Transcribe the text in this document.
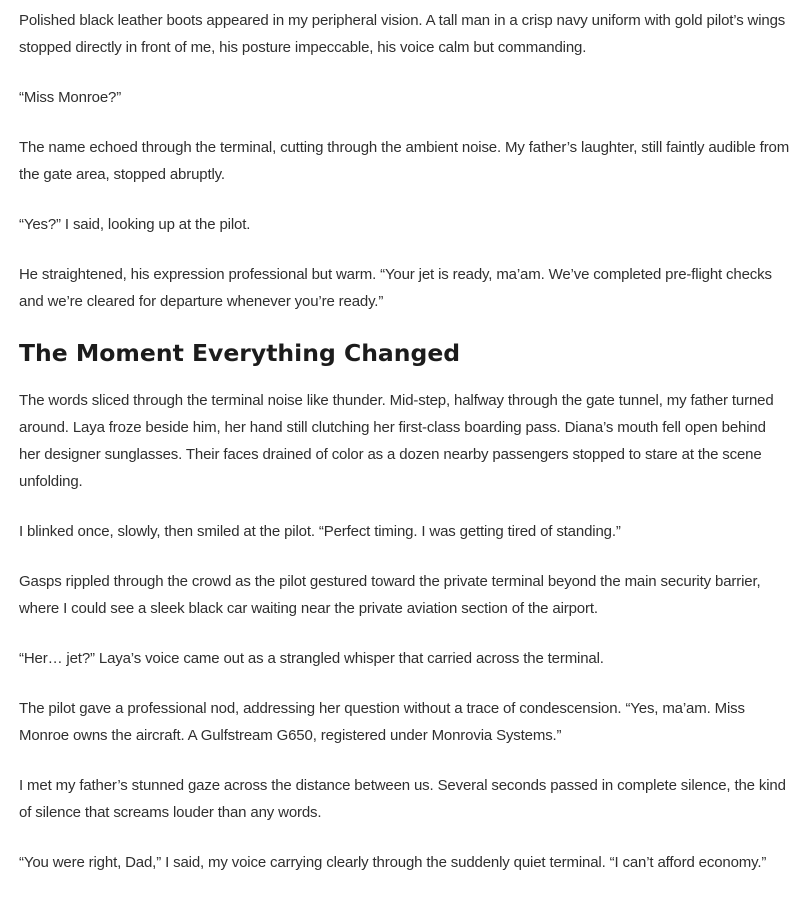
Polished black leather boots appeared in my peripheral vision. A tall man in a crisp navy uniform with gold pilot’s wings stopped directly in front of me, his posture impeccable, his voice calm but commanding.

“Miss Monroe?”

The name echoed through the terminal, cutting through the ambient noise. My father’s laughter, still faintly audible from the gate area, stopped abruptly.

“Yes?” I said, looking up at the pilot.

He straightened, his expression professional but warm. “Your jet is ready, ma’am. We’ve completed pre-flight checks and we’re cleared for departure whenever you’re ready.”

The Moment Everything Changed

The words sliced through the terminal noise like thunder. Mid-step, halfway through the gate tunnel, my father turned around. Laya froze beside him, her hand still clutching her first-class boarding pass. Diana’s mouth fell open behind her designer sunglasses. Their faces drained of color as a dozen nearby passengers stopped to stare at the scene unfolding.

I blinked once, slowly, then smiled at the pilot. “Perfect timing. I was getting tired of standing.”

Gasps rippled through the crowd as the pilot gestured toward the private terminal beyond the main security barrier, where I could see a sleek black car waiting near the private aviation section of the airport.

“Her… jet?” Laya’s voice came out as a strangled whisper that carried across the terminal.

The pilot gave a professional nod, addressing her question without a trace of condescension. “Yes, ma’am. Miss Monroe owns the aircraft. A Gulfstream G650, registered under Monrovia Systems.”

I met my father’s stunned gaze across the distance between us. Several seconds passed in complete silence, the kind of silence that screams louder than any words.

“You were right, Dad,” I said, my voice carrying clearly through the suddenly quiet terminal. “I can’t afford economy.”
